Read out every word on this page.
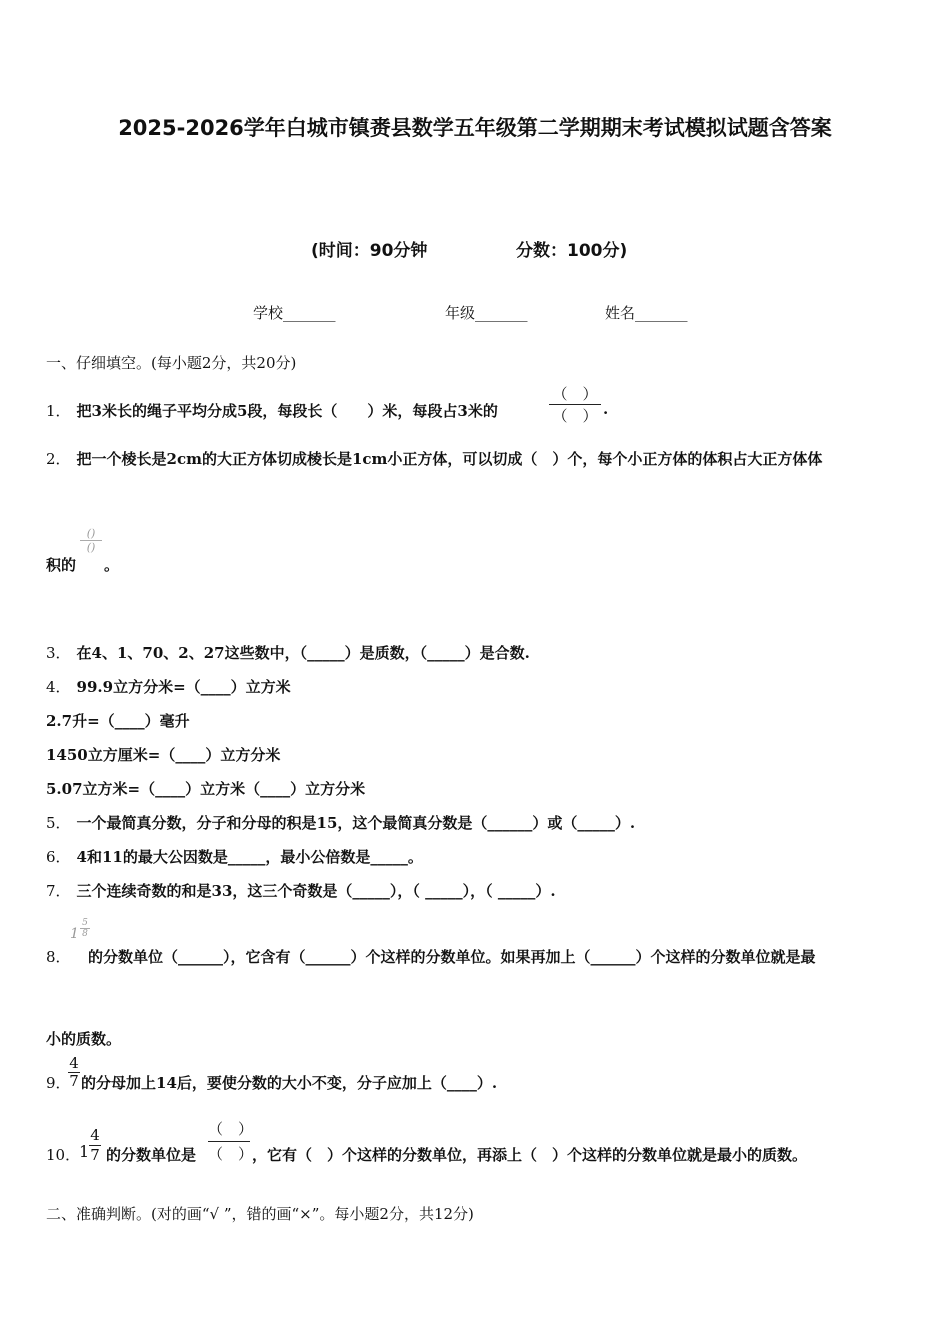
2025-2026学年白城市镇赉县数学五年级第二学期期末考试模拟试题含答案
(时间：90分钟	分数：100分)
学校_______	年级_______	姓名_______
一、仔细填空。(每小题2分，共20分)
1． 把3米长的绳子平均分成5段，每段长（　　）米，每段占3米的
（　）
（　） .
2． 把一个棱长是2cm的大正方体切成棱长是1cm小正方体，可以切成（　）个，每个小正方体的体积占大正方体体
积的
()
()
。
3． 在4、1、70、2、27这些数中，（_____）是质数，（_____）是合数.
4． 99.9立方分米=（____）立方米
2.7升=（____）毫升
1450立方厘米=（____）立方分米
5.07立方米=（____）立方米（____）立方分米
5． 一个最简真分数，分子和分母的积是15，这个最简真分数是（______）或（_____）.
6． 4和11的最大公因数是_____，最小公倍数是_____。
7． 三个连续奇数的和是33，这三个奇数是（_____），（ _____），（ _____）.
8．
$1 \frac{5}{8}$
的分数单位（______），它含有（______）个这样的分数单位。如果再加上（______）个这样的分数单位就是最
小的质数。
9．
$\frac{4}{7}$ 的分母加上14后，要使分数的大小不变，分子应加上（____）.
10．
$1 \frac{4}{7}$ 的分数单位是
（　）
（　）
，它有（　）个这样的分数单位，再添上（　）个这样的分数单位就是最小的质数。
二、准确判断。(对的画“√ ”，错的画“×”。每小题2分，共12分)
